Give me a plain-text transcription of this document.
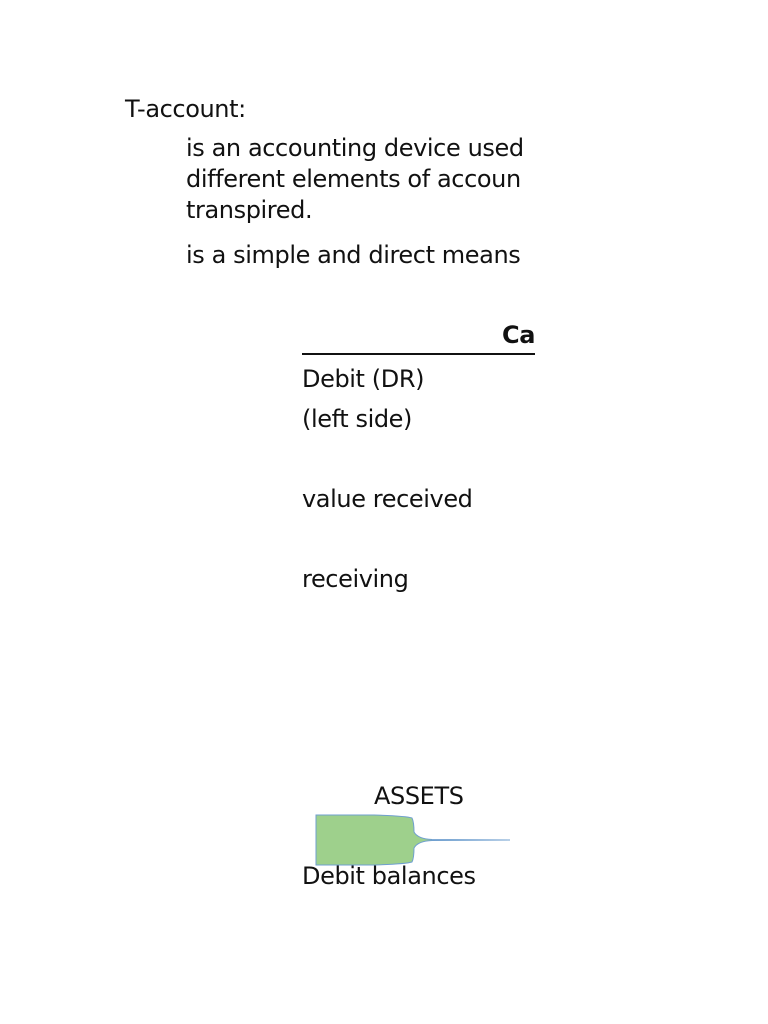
T-account:
is an accounting device used
different elements of accoun
transpired.
is a simple and direct means
Ca
Debit (DR)
(left side)
value received
receiving
ASSETS
Debit balances
